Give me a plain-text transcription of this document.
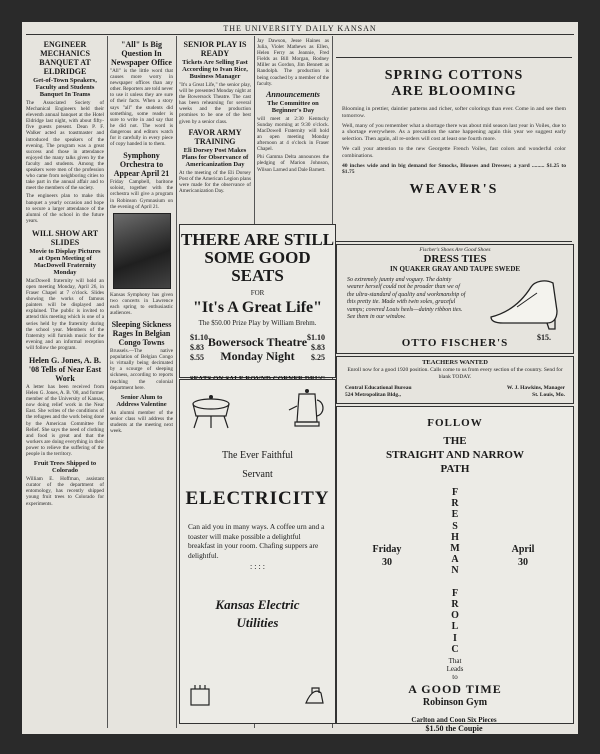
THE UNIVERSITY DAILY KANSAN
ENGINEER MECHANICS BANQUET AT ELDRIDGE
Get-of-Town Speakers, Faculty and Students Banquet In Teams
The Associated Society of Mechanical Engineers held their eleventh annual banquet at the Hotel Eldridge last night, with about fifty-five guests present. Dean P. F. Walker acted as toastmaster and introduced the speakers of the evening. The program was a great success and those in attendance enjoyed the many talks given by the faculty and students. Among the speakers were men of the profession who came from neighboring cities to take part in the annual affair and to meet the members of the society.
The engineers plan to make this banquet a yearly occasion and hope to secure a larger attendance of the alumni of the school in the future years.
WILL SHOW ART SLIDES
Movie to Display Pictures at Open Meeting of MacDowell Fraternity Monday
MacDowell fraternity will hold an open meeting Monday, April 26, in Fraser Chapel at 7 o'clock. Slides showing the works of famous painters will be displayed and explained. The public is invited to attend this meeting which is one of a series held by the fraternity during the school year. Members of the fraternity will furnish music for the evening and an informal reception will follow the program.
Helen G. Jones, A. B. '08 Tells of Near East Work
A letter has been received from Helen G. Jones, A. B. '08, and former member of the University of Kansas, now doing relief work in the Near East. She writes of the conditions of the refugees and the work being done by the American Committee for Relief. She says the need of clothing and food is great and that the workers are doing everything in their power to relieve the suffering of the people in the territory.
Fruit Trees Shipped to Colorado
William E. Hoffman, assistant curator of the department of entomology, has recently shipped young fruit trees to Colorado for experiments.
"All" Is Big Question In Newspaper Office
"All" is the little word that causes more worry in newspaper offices than any other. Reporters are told never to use it unless they are sure of their facts. When a story says "all" the students did something, some reader is sure to write in and say that he did not. The word is dangerous and editors watch for it carefully in every piece of copy handed in to them.
Symphony Orchestra to Appear April 21
Friday Campbell, baritone soloist, together with the orchestra will give a program in Robinson Gymnasium on the evening of April 21.
Kansas Symphony has given two concerts in Lawrence each spring to enthusiastic audiences.
Sleeping Sickness Rages In Belgian Congo Towns
Brussels.—The native population of Belgian Congo is virtually being decimated by a scourge of sleeping sickness, according to reports reaching the colonial department here.
Senior Alum to Address Valentine
An alumni member of the senior class will address the students at the meeting next week.
SENIOR PLAY IS READY
Tickets Are Selling Fast According to Ivan Rice, Business Manager
"It's a Great Life," the senior play, will be presented Monday night at the Bowersock Theatre. The cast has been rehearsing for several weeks and the production promises to be one of the best given by a senior class.
FAVOR ARMY TRAINING
Eli Dorsey Post Makes Plans for Observance of Americanization Day
At the meeting of the Eli Dorsey Post of the American Legion plans were made for the observance of Americanization Day.
Jay Dawson, Jesse Haines as Julia, Violet Mathews as Ellen, Helen Ferry as Jeannie, Fred Fields as Bill Morgan, Rodney Miller as Gordon, Jim Bennett as Randolph. The production is being coached by a member of the faculty.
Announcements
The Committee on Beginner's Day
will meet at 2:30 Kentucky Sunday morning at 9:30 o'clock. MacDowell Fraternity will hold an open meeting Monday afternoon at 4 o'clock in Fraser Chapel.
Phi Gamma Delta announces the pledging of Marion Johnson, Wilson Larned and Dale Barnett.
SPRING COTTONS
ARE BLOOMING
Blooming in prettier, daintier patterns and richer, softer colorings than ever. Come in and see them tomorrow.
Well, many of you remember what a shortage there was about mid season last year in Voiles, due to a shortage everywhere. As a precaution the same happening again this year we suggest early selection. Then again, all re-orders will cost at least one fourth more.
We call your attention to the new Georgette French Voiles, fast colors and wonderful color combinations.
40 inches wide and in big demand for Smocks, Blouses and Dresses; a yard ......... $1.25 to $1.75
WEAVER'S
THERE ARE STILL
SOME GOOD SEATS
FOR
"It's A Great Life"
The $50.00 Prize Play by William Brehm.
$1.10
$.83
$.55
Bowersock Theatre
Monday Night
$1.10
$.83
$.25
Fischer's Shoes Are Good Shoes
DRESS TIES
IN QUAKER GRAY AND TAUPE SWEDE
So extremely jaunty and voguey. The dainty wearer herself could not be prouder than we of the ultra-standard of quality and workmanship of this pretty tie. Made with twin soles, graceful vamps; covered Louis heels—dainty ribbon ties. See them in our window.
$15.
OTTO FISCHER'S
TEACHERS WANTED
Enroll now for a good 1920 position. Calls come to us from every section of the country. Send for blank TODAY.
Central Educational Bureau
524 Metropolitan Bldg.,
W. J. Hawkins, Manager
St. Louis, Mo.
The Ever Faithful
Servant
ELECTRICITY
Can aid you in many ways. A coffee urn and a toaster will make possible a delightful breakfast in your room. Chafing suppers are delightful.
: : : :
Kansas Electric
Utilities
FOLLOW
THE
STRAIGHT AND NARROW
PATH
F
R
E
S
H
M
A
N

F
R
O
L
I
C
Friday
30
April
30
That
Leads
to
A GOOD TIME
Robinson Gym
Carlton and Coon Six Pieces
$1.50 the Coupie
